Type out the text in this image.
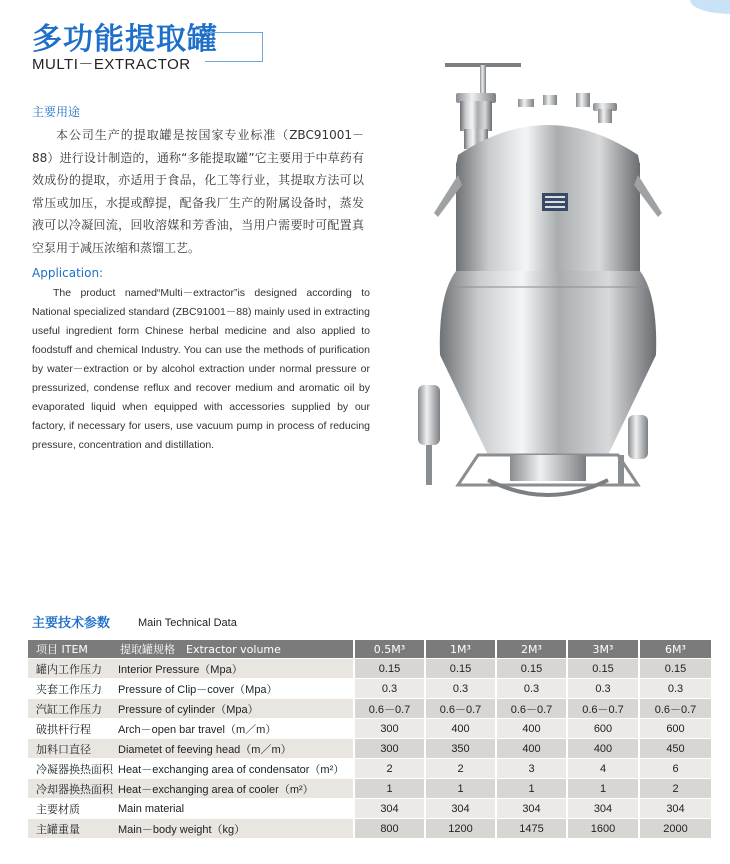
多功能提取罐
MULTI－EXTRACTOR
主要用途
本公司生产的提取罐是按国家专业标准（ZBC91001－88）进行设计制造的，通称“多能提取罐”它主要用于中草药有效成份的提取，亦适用于食品，化工等行业，其提取方法可以常压或加压，水提或醇提，配备我厂生产的附属设备时，蒸发液可以冷凝回流，回收溶媒和芳香油，当用户需要时可配置真空泵用于减压浓缩和蒸馏工艺。
Application:
The product named“Multi－extractor”is designed according to National specialized standard (ZBC91001－88) mainly used in extracting useful ingredient form Chinese herbal medicine and also applied to foodstuff and chemical Industry. You can use the methods of purification by water－extraction or by alcohol extraction under normal pressure or pressurized, condense reflux and recover medium and aromatic oil by evaporated liquid when equipped with accessories supplied by our factory, if necessary for users, use vacuum pump in process of reducing pressure, concentration and distillation.
主要技术参数	Main Technical Data
项目 ITEM	提取罐规格　Extractor volume	0.5M³	1M³	2M³	3M³	6M³
罐内工作压力	Interior Pressure（Mpa）	0.15	0.15	0.15	0.15	0.15
夹套工作压力	Pressure of Clip－cover（Mpa）	0.3	0.3	0.3	0.3	0.3
汽缸工作压力	Pressure of cylinder（Mpa）	0.6－0.7	0.6－0.7	0.6－0.7	0.6－0.7	0.6－0.7
破拱杆行程	Arch－open bar travel（m／m）	300	400	400	600	600
加料口直径	Diametet of feeving head（m／m）	300	350	400	400	450
冷凝器换热面积	Heat－exchanging area of condensator（m²）	2	2	3	4	6
冷却器换热面积	Heat－exchanging area of cooler（m²）	1	1	1	1	2
主要材质	Main material	304	304	304	304	304
主罐重量	Main－body weight（kg）	800	1200	1475	1600	2000
